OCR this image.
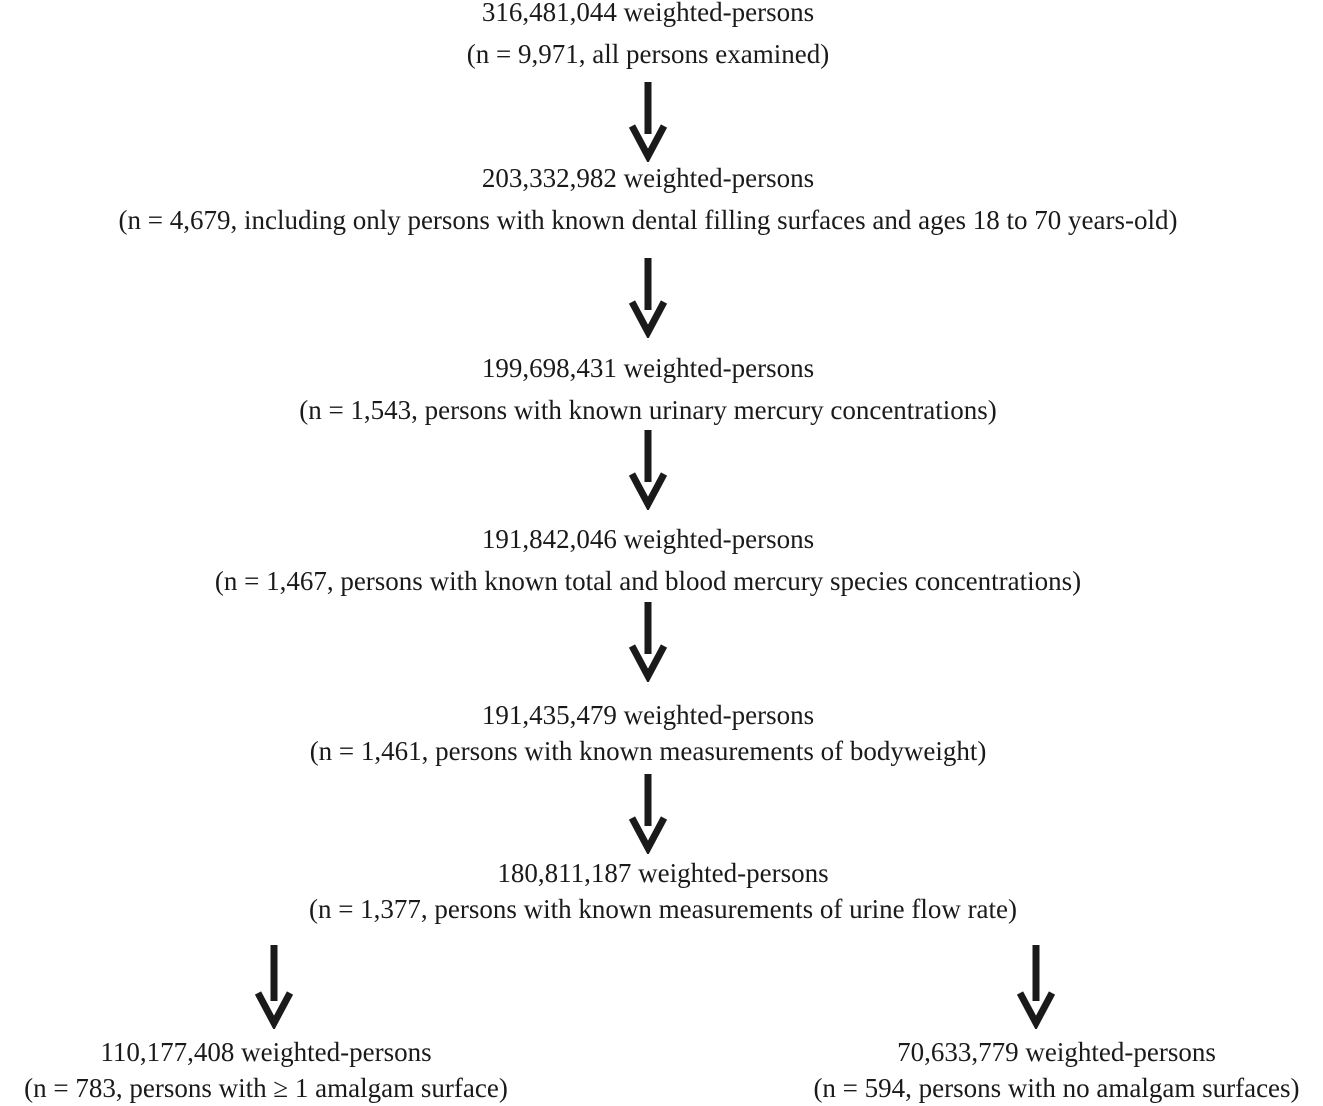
316,481,044 weighted-persons
(n = 9,971, all persons examined)
203,332,982 weighted-persons
(n = 4,679, including only persons with known dental filling surfaces and ages 18 to 70 years-old)
199,698,431 weighted-persons
(n = 1,543, persons with known urinary mercury concentrations)
191,842,046 weighted-persons
(n = 1,467, persons with known total and blood mercury species concentrations)
191,435,479 weighted-persons
(n = 1,461, persons with known measurements of bodyweight)
180,811,187 weighted-persons
(n = 1,377, persons with known measurements of urine flow rate)
110,177,408 weighted-persons
(n = 783, persons with ≥ 1 amalgam surface)
70,633,779 weighted-persons
(n = 594, persons with no amalgam surfaces)
